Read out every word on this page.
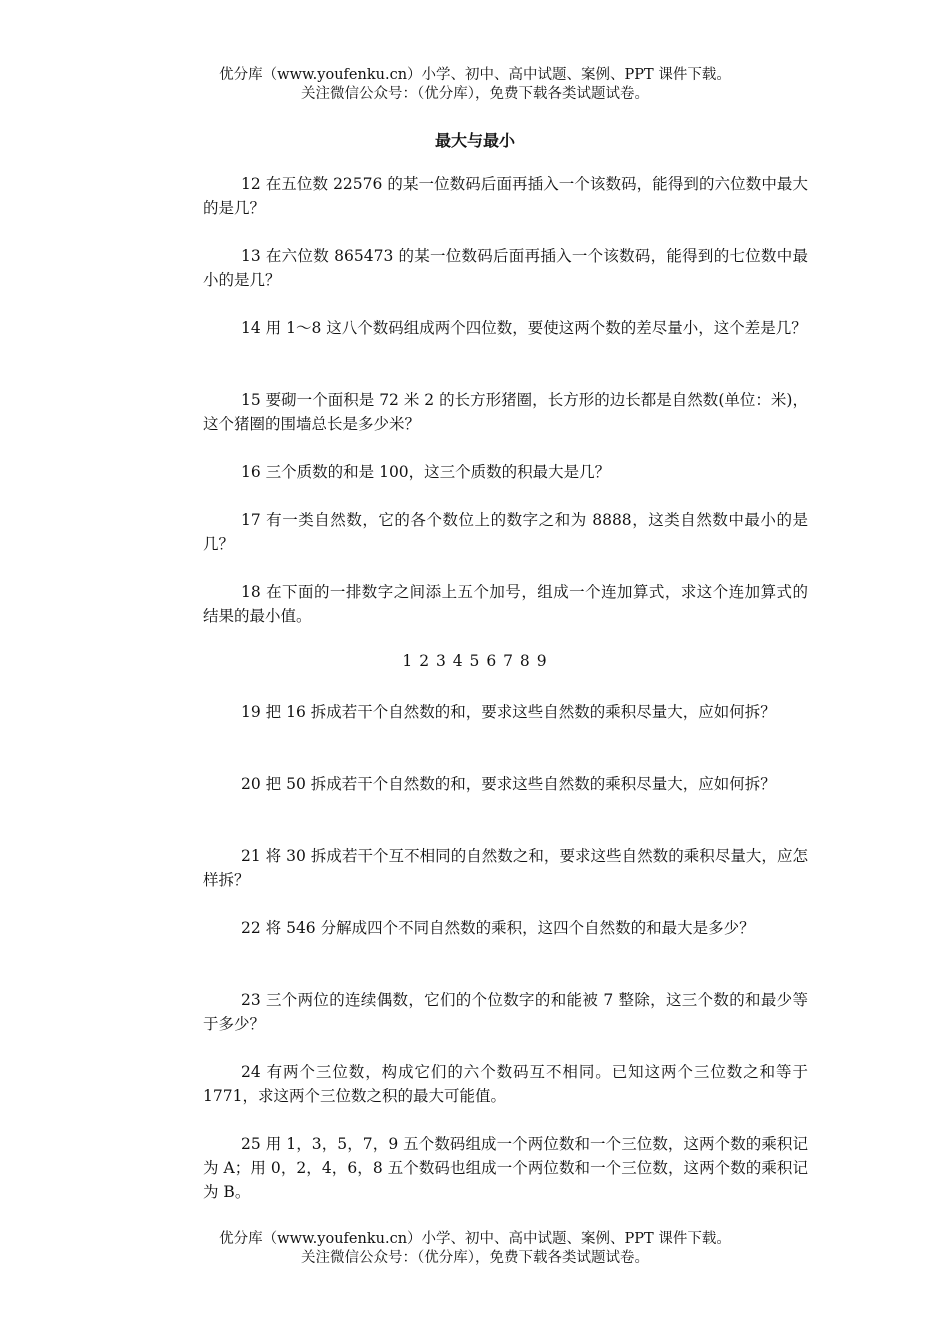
优分库（www.youfenku.cn）小学、初中、高中试题、案例、PPT 课件下载。
关注微信公众号：（优分库），免费下载各类试题试卷。
最大与最小
12 在五位数 22576 的某一位数码后面再插入一个该数码，能得到的六位数中最大的是几？
13 在六位数 865473 的某一位数码后面再插入一个该数码，能得到的七位数中最小的是几？
14 用 1～8 这八个数码组成两个四位数，要使这两个数的差尽量小，这个差是几？
15 要砌一个面积是 72 米 2 的长方形猪圈，长方形的边长都是自然数(单位：米)，这个猪圈的围墙总长是多少米？
16 三个质数的和是 100，这三个质数的积最大是几？
17 有一类自然数，它的各个数位上的数字之和为 8888，这类自然数中最小的是几？
18 在下面的一排数字之间添上五个加号，组成一个连加算式，求这个连加算式的结果的最小值。
1 2 3 4 5 6 7 8 9
19 把 16 拆成若干个自然数的和，要求这些自然数的乘积尽量大，应如何拆？
20 把 50 拆成若干个自然数的和，要求这些自然数的乘积尽量大，应如何拆？
21 将 30 拆成若干个互不相同的自然数之和，要求这些自然数的乘积尽量大，应怎样拆？
22 将 546 分解成四个不同自然数的乘积，这四个自然数的和最大是多少？
23 三个两位的连续偶数，它们的个位数字的和能被 7 整除，这三个数的和最少等于多少？
24 有两个三位数，构成它们的六个数码互不相同。已知这两个三位数之和等于 1771，求这两个三位数之积的最大可能值。
25 用 1，3，5，7，9 五个数码组成一个两位数和一个三位数，这两个数的乘积记为 A；用 0，2，4，6，8 五个数码也组成一个两位数和一个三位数，这两个数的乘积记为 B。
优分库（www.youfenku.cn）小学、初中、高中试题、案例、PPT 课件下载。
关注微信公众号：（优分库），免费下载各类试题试卷。
